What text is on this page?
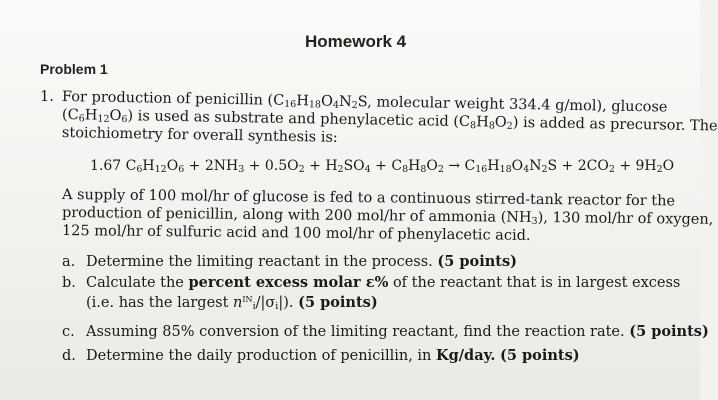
Homework 4
Problem 1
1. For production of penicillin ($C_{16}H_{18}O_4N_2S$, molecular weight 334.4 g/mol), glucose
$(C_6H_{12}O_6)$ is used as substrate and phenylacetic acid $(C_8H_8O_2)$ is added as precursor. The
stoichiometry for overall synthesis is:
1.67 $C_6H_{12}O_6 + 2NH_3 + 0.5O_2 + H_2SO_4 + C_8H_8O_2 \to C_{16}H_{18}O_4N_2S + 2CO_2 + 9H_2O$
A supply of 100 mol/hr of glucose is fed to a continuous stirred-tank reactor for the
production of penicillin, along with 200 mol/hr of ammonia $(NH_3)$, 130 mol/hr of oxygen,
125 mol/hr of sulfuric acid and 100 mol/hr of phenylacetic acid.
a. Determine the limiting reactant in the process. (5 points)
b. Calculate the percent excess molar ε% of the reactant that is in largest excess
(i.e. has the largest $n^{IN}_i/|\sigma_i|$). (5 points)
c. Assuming 85% conversion of the limiting reactant, find the reaction rate. (5 points)
d. Determine the daily production of penicillin, in Kg/day. (5 points)
